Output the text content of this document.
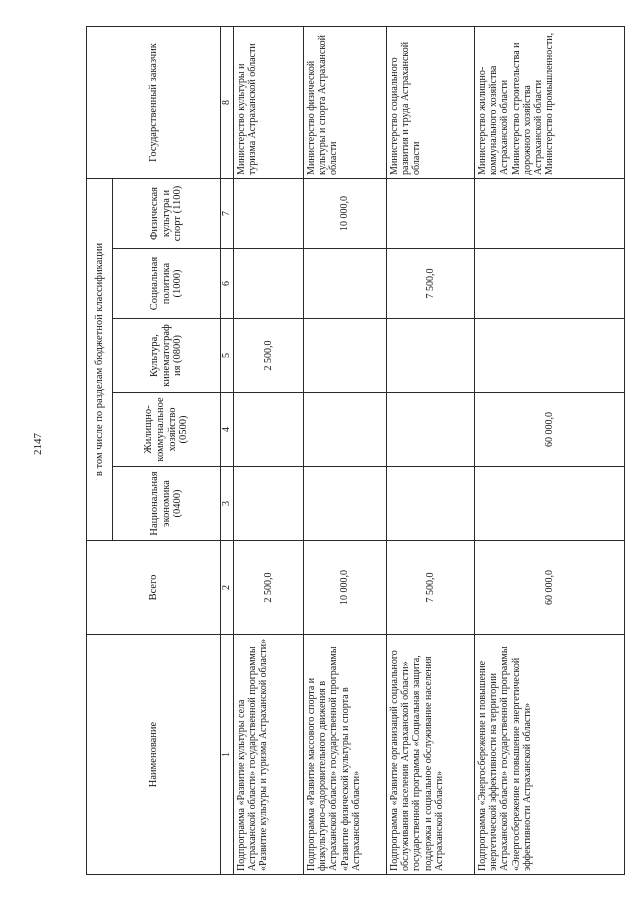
2147
Наименование	Всего	в том числе по разделам бюджетной классификации					Государственный заказчик
		Национальная экономика (0400)	Жилищно-коммунальное хозяйство (0500)	Культура, кинематография (0800)	Социальная политика (1000)	Физическая культура и спорт (1100)	
1	2	3	4	5	6	7	8
Подпрограмма «Развитие культуры села Астраханской области» государственной программы «Развитие культуры и туризма Астраханской области»	2 500,0			2 500,0			Министерство культуры и туризма Астраханской области
Подпрограмма «Развитие массового спорта и физкультурно-оздоровительного движения в Астраханской области» государственной программы «Развитие физической культуры и спорта в Астраханской области»	10 000,0					10 000,0	Министерство физической культуры и спорта Астраханской области
Подпрограмма «Развитие организаций социального обслуживания населения Астраханской области» государственной программы «Социальная защита, поддержка и социальное обслуживание населения Астраханской области»	7 500,0				7 500,0		Министерство социального развития и труда Астраханской области
Подпрограмма «Энергосбережение и повышение энергетической эффективности на территории Астраханской области» государственной программы «Энергосбережение и повышение энергетической эффективности Астраханской области»	60 000,0		60 000,0				Министерство жилищно-коммунального хозяйства Астраханской области Министерство строительства и дорожного хозяйства Астраханской области Министерство промышленности,
